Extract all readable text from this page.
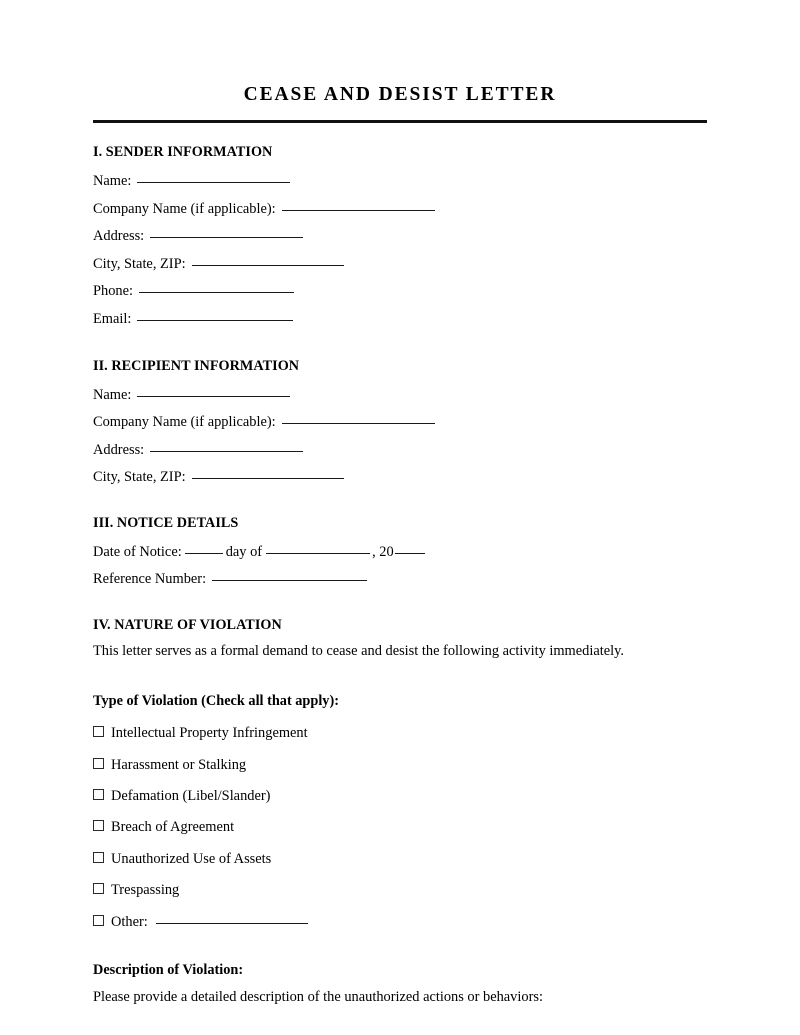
CEASE AND DESIST LETTER
I. SENDER INFORMATION
Name:
Company Name (if applicable):
Address:
City, State, ZIP:
Phone:
Email:
II. RECIPIENT INFORMATION
Name:
Company Name (if applicable):
Address:
City, State, ZIP:
III. NOTICE DETAILS
Date of Notice:	day of	, 20
Reference Number:
IV. NATURE OF VIOLATION
This letter serves as a formal demand to cease and desist the following activity immediately.
Type of Violation (Check all that apply):
Intellectual Property Infringement
Harassment or Stalking
Defamation (Libel/Slander)
Breach of Agreement
Unauthorized Use of Assets
Trespassing
Other:
Description of Violation:
Please provide a detailed description of the unauthorized actions or behaviors:
